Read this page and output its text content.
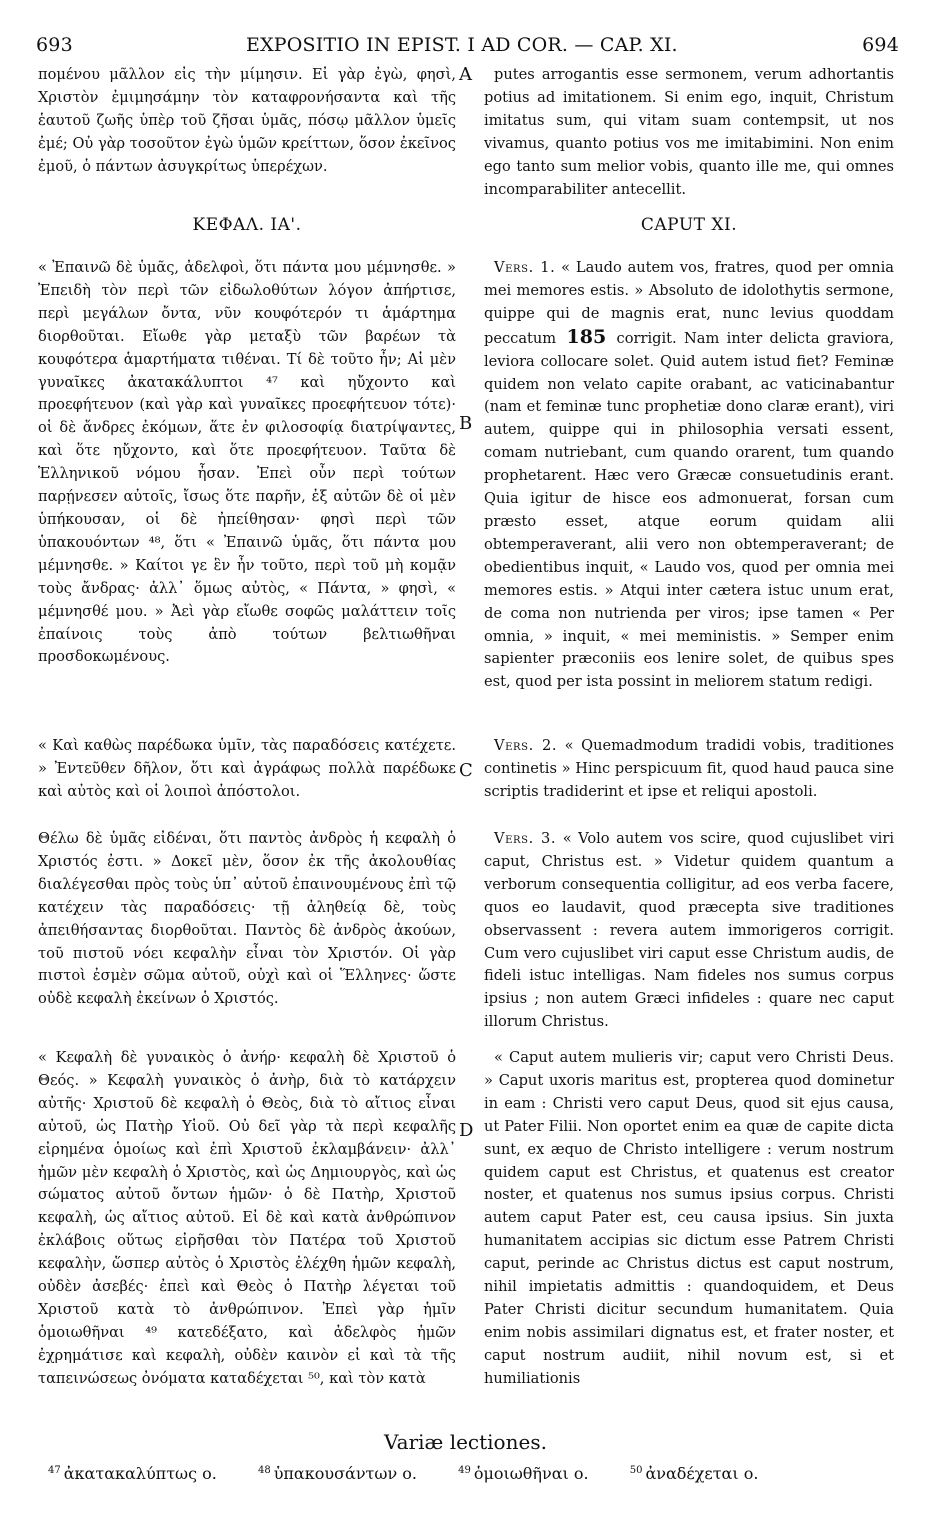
693	EXPOSITIO IN EPIST. I AD COR. — CAP. XI.	694

πομένου μᾶλλον εἰς τὴν μίμησιν. Εἰ γὰρ ἐγὼ, φησὶ, Χριστὸν ἐμιμησάμην τὸν καταφρονήσαντα καὶ τῆς ἑαυτοῦ ζωῆς ὑπὲρ τοῦ ζῆσαι ὑμᾶς, πόσῳ μᾶλλον ὑμεῖς ἐμέ; Οὐ γὰρ τοσοῦτον ἐγὼ ὑμῶν κρείττων, ὅσον ἐκεῖνος ἐμοῦ, ὁ πάντων ἀσυγκρίτως ὑπερέχων.

ΚΕΦΑΛ. ΙΑ'.

« Ἐπαινῶ δὲ ὑμᾶς, ἀδελφοὶ, ὅτι πάντα μου μέμνησθε. » Ἐπειδὴ τὸν περὶ τῶν εἰδωλοθύτων λόγον ἀπήρτισε, περὶ μεγάλων ὄντα, νῦν κουφότερόν τι ἁμάρτημα διορθοῦται. Εἴωθε γὰρ μεταξὺ τῶν βαρέων τὰ κουφότερα ἁμαρτήματα τιθέναι. Τί δὲ τοῦτο ἦν; Αἱ μὲν γυναῖκες ἀκατακάλυπτοι ⁴⁷ καὶ ηὔχοντο καὶ προεφήτευον (καὶ γὰρ καὶ γυναῖκες προεφήτευον τότε)· οἱ δὲ ἄνδρες ἐκόμων, ἅτε ἐν φιλοσοφίᾳ διατρίψαντες, καὶ ὅτε ηὔχοντο, καὶ ὅτε προεφήτευον. Ταῦτα δὲ Ἑλληνικοῦ νόμου ἦσαν. Ἐπεὶ οὖν περὶ τούτων παρῄνεσεν αὐτοῖς, ἴσως ὅτε παρῆν, ἐξ αὐτῶν δὲ οἱ μὲν ὑπήκουσαν, οἱ δὲ ἠπείθησαν· φησὶ περὶ τῶν ὑπακουόντων ⁴⁸, ὅτι « Ἐπαινῶ ὑμᾶς, ὅτι πάντα μου μέμνησθε. » Καίτοι γε ἓν ἦν τοῦτο, περὶ τοῦ μὴ κομᾷν τοὺς ἄνδρας· ἀλλ᾽ ὅμως αὐτὸς, « Πάντα, » φησὶ, « μέμνησθέ μου. » Ἀεὶ γὰρ εἴωθε σοφῶς μαλάττειν τοῖς ἐπαίνοις τοὺς ἀπὸ τούτων βελτιωθῆναι προσδοκωμένους.

« Καὶ καθὼς παρέδωκα ὑμῖν, τὰς παραδόσεις κατέχετε. » Ἐντεῦθεν δῆλον, ὅτι καὶ ἀγράφως πολλὰ παρέδωκε καὶ αὐτὸς καὶ οἱ λοιποὶ ἀπόστολοι.

Θέλω δὲ ὑμᾶς εἰδέναι, ὅτι παντὸς ἀνδρὸς ἡ κεφαλὴ ὁ Χριστός ἐστι. » Δοκεῖ μὲν, ὅσον ἐκ τῆς ἀκολουθίας διαλέγεσθαι πρὸς τοὺς ὑπ᾽ αὐτοῦ ἐπαινουμένους ἐπὶ τῷ κατέχειν τὰς παραδόσεις· τῇ ἀληθείᾳ δὲ, τοὺς ἀπειθήσαντας διορθοῦται. Παντὸς δὲ ἀνδρὸς ἀκούων, τοῦ πιστοῦ νόει κεφαλὴν εἶναι τὸν Χριστόν. Οἱ γὰρ πιστοὶ ἐσμὲν σῶμα αὐτοῦ, οὐχὶ καὶ οἱ Ἕλληνες· ὥστε οὐδὲ κεφαλὴ ἐκείνων ὁ Χριστός.

« Κεφαλὴ δὲ γυναικὸς ὁ ἀνήρ· κεφαλὴ δὲ Χριστοῦ ὁ Θεός. » Κεφαλὴ γυναικὸς ὁ ἀνὴρ, διὰ τὸ κατάρχειν αὐτῆς· Χριστοῦ δὲ κεφαλὴ ὁ Θεὸς, διὰ τὸ αἴτιος εἶναι αὐτοῦ, ὡς Πατὴρ Υἱοῦ. Οὐ δεῖ γὰρ τὰ περὶ κεφαλῆς εἰρημένα ὁμοίως καὶ ἐπὶ Χριστοῦ ἐκλαμβάνειν· ἀλλ᾽ ἡμῶν μὲν κεφαλὴ ὁ Χριστὸς, καὶ ὡς Δημιουργὸς, καὶ ὡς σώματος αὐτοῦ ὄντων ἡμῶν· ὁ δὲ Πατὴρ, Χριστοῦ κεφαλὴ, ὡς αἴτιος αὐτοῦ. Εἰ δὲ καὶ κατὰ ἀνθρώπινον ἐκλάβοις οὕτως εἰρῆσθαι τὸν Πατέρα τοῦ Χριστοῦ κεφαλὴν, ὥσπερ αὐτὸς ὁ Χριστὸς ἐλέχθη ἡμῶν κεφαλὴ, οὐδὲν ἀσεβές· ἐπεὶ καὶ Θεὸς ὁ Πατὴρ λέγεται τοῦ Χριστοῦ κατὰ τὸ ἀνθρώπινον. Ἐπεὶ γὰρ ἡμῖν ὁμοιωθῆναι ⁴⁹ κατεδέξατο, καὶ ἀδελφὸς ἡμῶν ἐχρημάτισε καὶ κεφαλὴ, οὐδὲν καινὸν εἰ καὶ τὰ τῆς ταπεινώσεως ὀνόματα καταδέχεται ⁵⁰, καὶ τὸν κατὰ

A
B
C
D

putes arrogantis esse sermonem, verum adhortantis potius ad imitationem. Si enim ego, inquit, Christum imitatus sum, qui vitam suam contempsit, ut nos vivamus, quanto potius vos me imitabimini. Non enim ego tanto sum melior vobis, quanto ille me, qui omnes incomparabiliter antecellit.

CAPUT XI.

Vers. 1. « Laudo autem vos, fratres, quod per omnia mei memores estis. » Absoluto de idolothytis sermone, quippe qui de magnis erat, nunc levius quoddam peccatum 185 corrigit. Nam inter delicta graviora, leviora collocare solet. Quid autem istud fiet? Feminæ quidem non velato capite orabant, ac vaticinabantur (nam et feminæ tunc prophetiæ dono claræ erant), viri autem, quippe qui in philosophia versati essent, comam nutriebant, cum quando orarent, tum quando prophetarent. Hæc vero Græcæ consuetudinis erant. Quia igitur de hisce eos admonuerat, forsan cum præsto esset, atque eorum quidam alii obtemperaverant, alii vero non obtemperaverant; de obedientibus inquit, « Laudo vos, quod per omnia mei memores estis. » Atqui inter cætera istuc unum erat, de coma non nutrienda per viros; ipse tamen « Per omnia, » inquit, « mei meministis. » Semper enim sapienter præconiis eos lenire solet, de quibus spes est, quod per ista possint in meliorem statum redigi.

Vers. 2. « Quemadmodum tradidi vobis, traditiones continetis » Hinc perspicuum fit, quod haud pauca sine scriptis tradiderint et ipse et reliqui apostoli.

Vers. 3. « Volo autem vos scire, quod cujuslibet viri caput, Christus est. » Videtur quidem quantum a verborum consequentia colligitur, ad eos verba facere, quos eo laudavit, quod præcepta sive traditiones observassent : revera autem immorigeros corrigit. Cum vero cujuslibet viri caput esse Christum audis, de fideli istuc intelligas. Nam fideles nos sumus corpus ipsius ; non autem Græci infideles : quare nec caput illorum Christus.

« Caput autem mulieris vir; caput vero Christi Deus. » Caput uxoris maritus est, propterea quod dominetur in eam : Christi vero caput Deus, quod sit ejus causa, ut Pater Filii. Non oportet enim ea quæ de capite dicta sunt, ex æquo de Christo intelligere : verum nostrum quidem caput est Christus, et quatenus est creator noster, et quatenus nos sumus ipsius corpus. Christi autem caput Pater est, ceu causa ipsius. Sin juxta humanitatem accipias sic dictum esse Patrem Christi caput, perinde ac Christus dictus est caput nostrum, nihil impietatis admittis : quandoquidem, et Deus Pater Christi dicitur secundum humanitatem. Quia enim nobis assimilari dignatus est, et frater noster, et caput nostrum audiit, nihil novum est, si et humiliationis

Variæ lectiones.
$^{47}$ ἀκατακαλύπτως ο.	$^{48}$ ὑπακουσάντων ο.	$^{49}$ ὁμοιωθῆναι ο.	$^{50}$ ἀναδέχεται ο.
